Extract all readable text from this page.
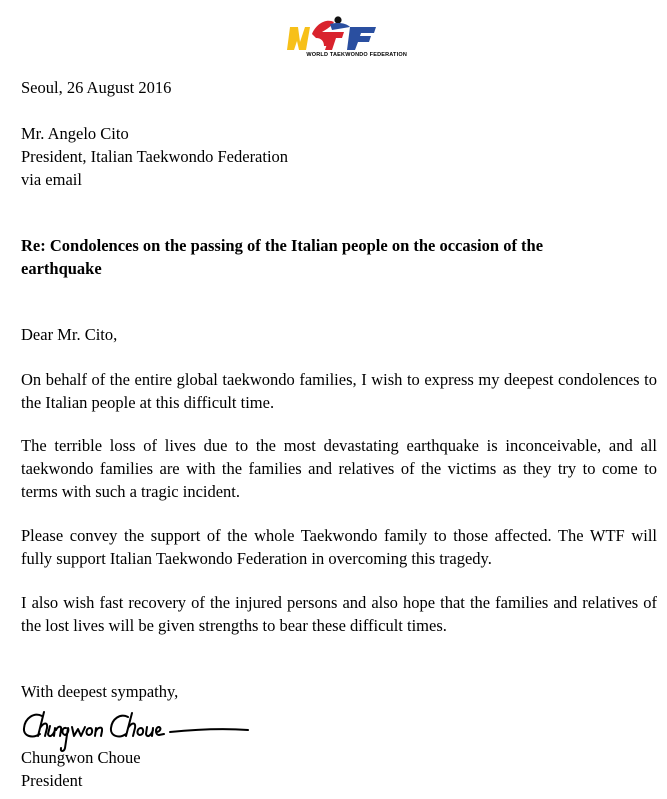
WORLD TAEKWONDO FEDERATION
Seoul, 26 August 2016
Mr. Angelo Cito
President, Italian Taekwondo Federation
via email
Re: Condolences on the passing of the Italian people on the occasion of the
earthquake
Dear Mr. Cito,
On behalf of the entire global taekwondo families, I wish to express my deepest condolences to the Italian people at this difficult time.
The terrible loss of lives due to the most devastating earthquake is inconceivable, and all taekwondo families are with the families and relatives of the victims as they try to come to terms with such a tragic incident.
Please convey the support of the whole Taekwondo family to those affected. The WTF will fully support Italian Taekwondo Federation in overcoming this tragedy.
I also wish fast recovery of the injured persons and also hope that the families and relatives of the lost lives will be given strengths to bear these difficult times.
With deepest sympathy,
Chungwon Choue
President
